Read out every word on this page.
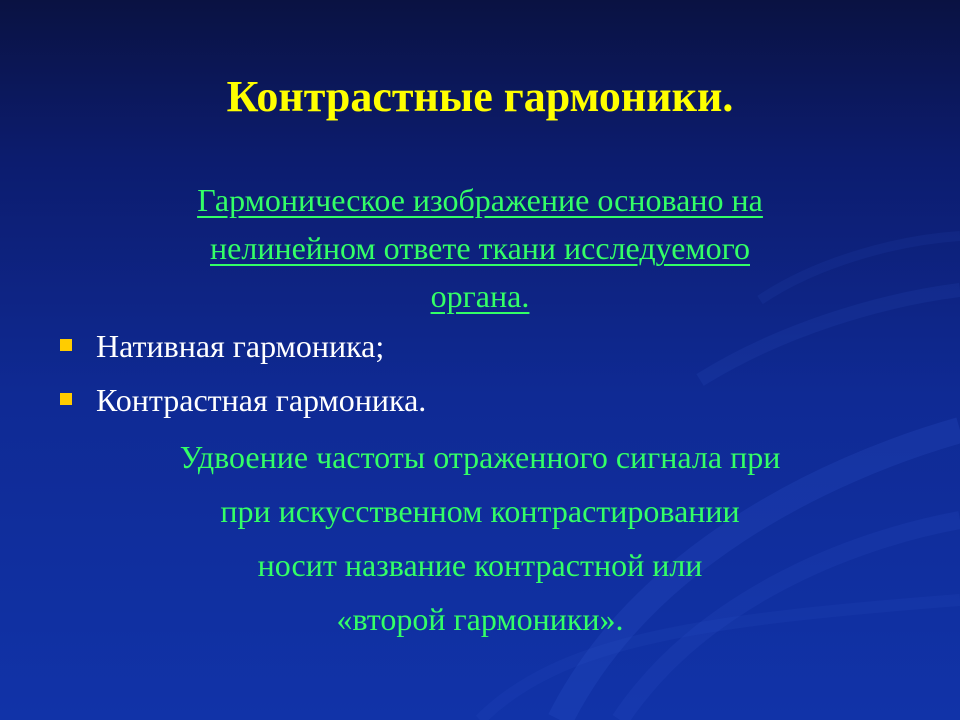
Контрастные гармоники.

Гармоническое изображение основано на
нелинейном ответе ткани исследуемого
органа.

Нативная гармоника;
Контрастная гармоника.

Удвоение частоты отраженного сигнала при
при искусственном контрастировании
носит название контрастной или
«второй гармоники».
